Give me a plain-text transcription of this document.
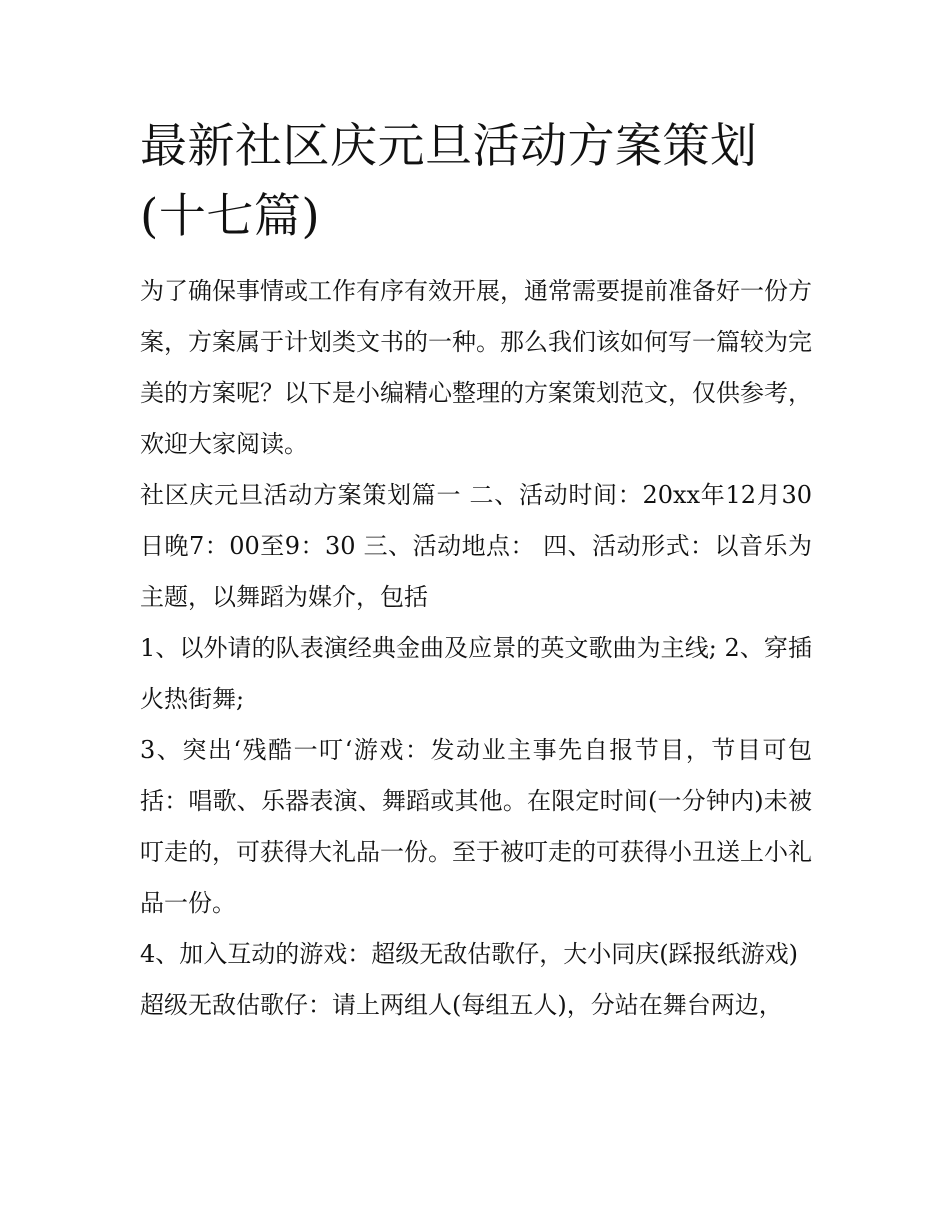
最新社区庆元旦活动方案策划(十七篇)

为了确保事情或工作有序有效开展，通常需要提前准备好一份方案，方案属于计划类文书的一种。那么我们该如何写一篇较为完美的方案呢？以下是小编精心整理的方案策划范文，仅供参考，欢迎大家阅读。

社区庆元旦活动方案策划篇一 二、活动时间：20xx年12月30日晚7：00至9：30 三、活动地点： 四、活动形式：以音乐为主题，以舞蹈为媒介，包括

1、以外请的队表演经典金曲及应景的英文歌曲为主线; 2、穿插火热街舞;

3、突出‘残酷一叮‘游戏：发动业主事先自报节目，节目可包括：唱歌、乐器表演、舞蹈或其他。在限定时间(一分钟内)未被叮走的，可获得大礼品一份。至于被叮走的可获得小丑送上小礼品一份。

4、加入互动的游戏：超级无敌估歌仔，大小同庆(踩报纸游戏)

超级无敌估歌仔：请上两组人(每组五人)，分站在舞台两边，
